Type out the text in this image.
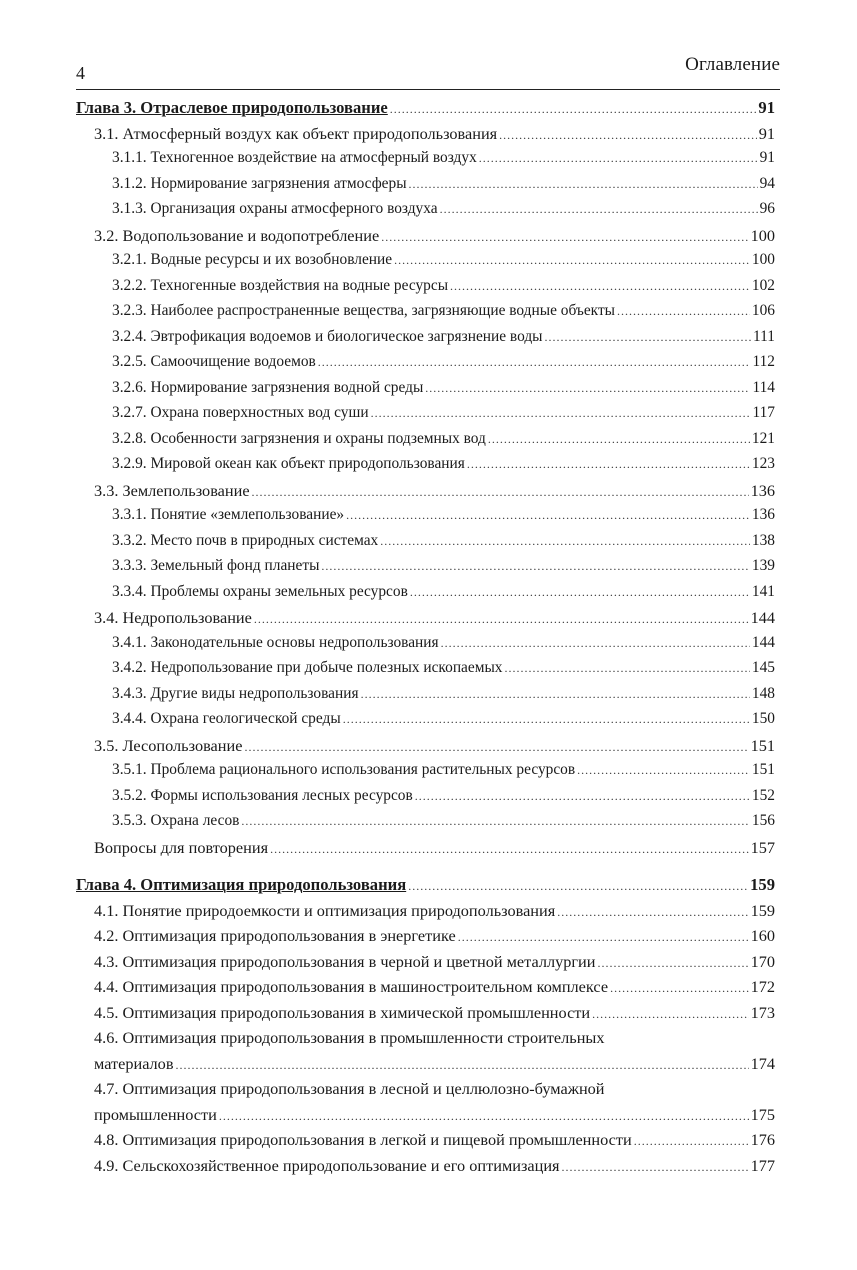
4	Оглавление
Глава 3. Отраслевое природопользование .....	91
3.1. Атмосферный воздух как объект природопользования .....	91
3.1.1. Техногенное воздействие на атмосферный воздух .....	91
3.1.2. Нормирование загрязнения атмосферы .....	94
3.1.3. Организация охраны атмосферного воздуха .....	96
3.2. Водопользование и водопотребление .....	100
3.2.1. Водные ресурсы и их возобновление .....	100
3.2.2. Техногенные воздействия на водные ресурсы .....	102
3.2.3. Наиболее распространенные вещества, загрязняющие водные объекты .....	106
3.2.4. Эвтрофикация водоемов и биологическое загрязнение воды .....	111
3.2.5. Самоочищение водоемов .....	112
3.2.6. Нормирование загрязнения водной среды .....	114
3.2.7. Охрана поверхностных вод суши .....	117
3.2.8. Особенности загрязнения и охраны подземных вод .....	121
3.2.9. Мировой океан как объект природопользования .....	123
3.3. Землепользование .....	136
3.3.1. Понятие «землепользование» .....	136
3.3.2. Место почв в природных системах .....	138
3.3.3. Земельный фонд планеты .....	139
3.3.4. Проблемы охраны земельных ресурсов .....	141
3.4. Недропользование .....	144
3.4.1. Законодательные основы недропользования .....	144
3.4.2. Недропользование при добыче полезных ископаемых .....	145
3.4.3. Другие виды недропользования .....	148
3.4.4. Охрана геологической среды .....	150
3.5. Лесопользование .....	151
3.5.1. Проблема рационального использования растительных ресурсов .....	151
3.5.2. Формы использования лесных ресурсов .....	152
3.5.3. Охрана лесов .....	156
Вопросы для повторения .....	157
Глава 4. Оптимизация природопользования .....	159
4.1. Понятие природоемкости и оптимизация природопользования .....	159
4.2. Оптимизация природопользования в энергетике .....	160
4.3. Оптимизация природопользования в черной и цветной металлургии .....	170
4.4. Оптимизация природопользования в машиностроительном комплексе .....	172
4.5. Оптимизация природопользования в химической промышленности .....	173
4.6. Оптимизация природопользования в промышленности строительных
материалов .....	174
4.7. Оптимизация природопользования в лесной и целлюлозно-бумажной
промышленности .....	175
4.8. Оптимизация природопользования в легкой и пищевой промышленности .....	176
4.9. Сельскохозяйственное природопользование и его оптимизация .....	177
